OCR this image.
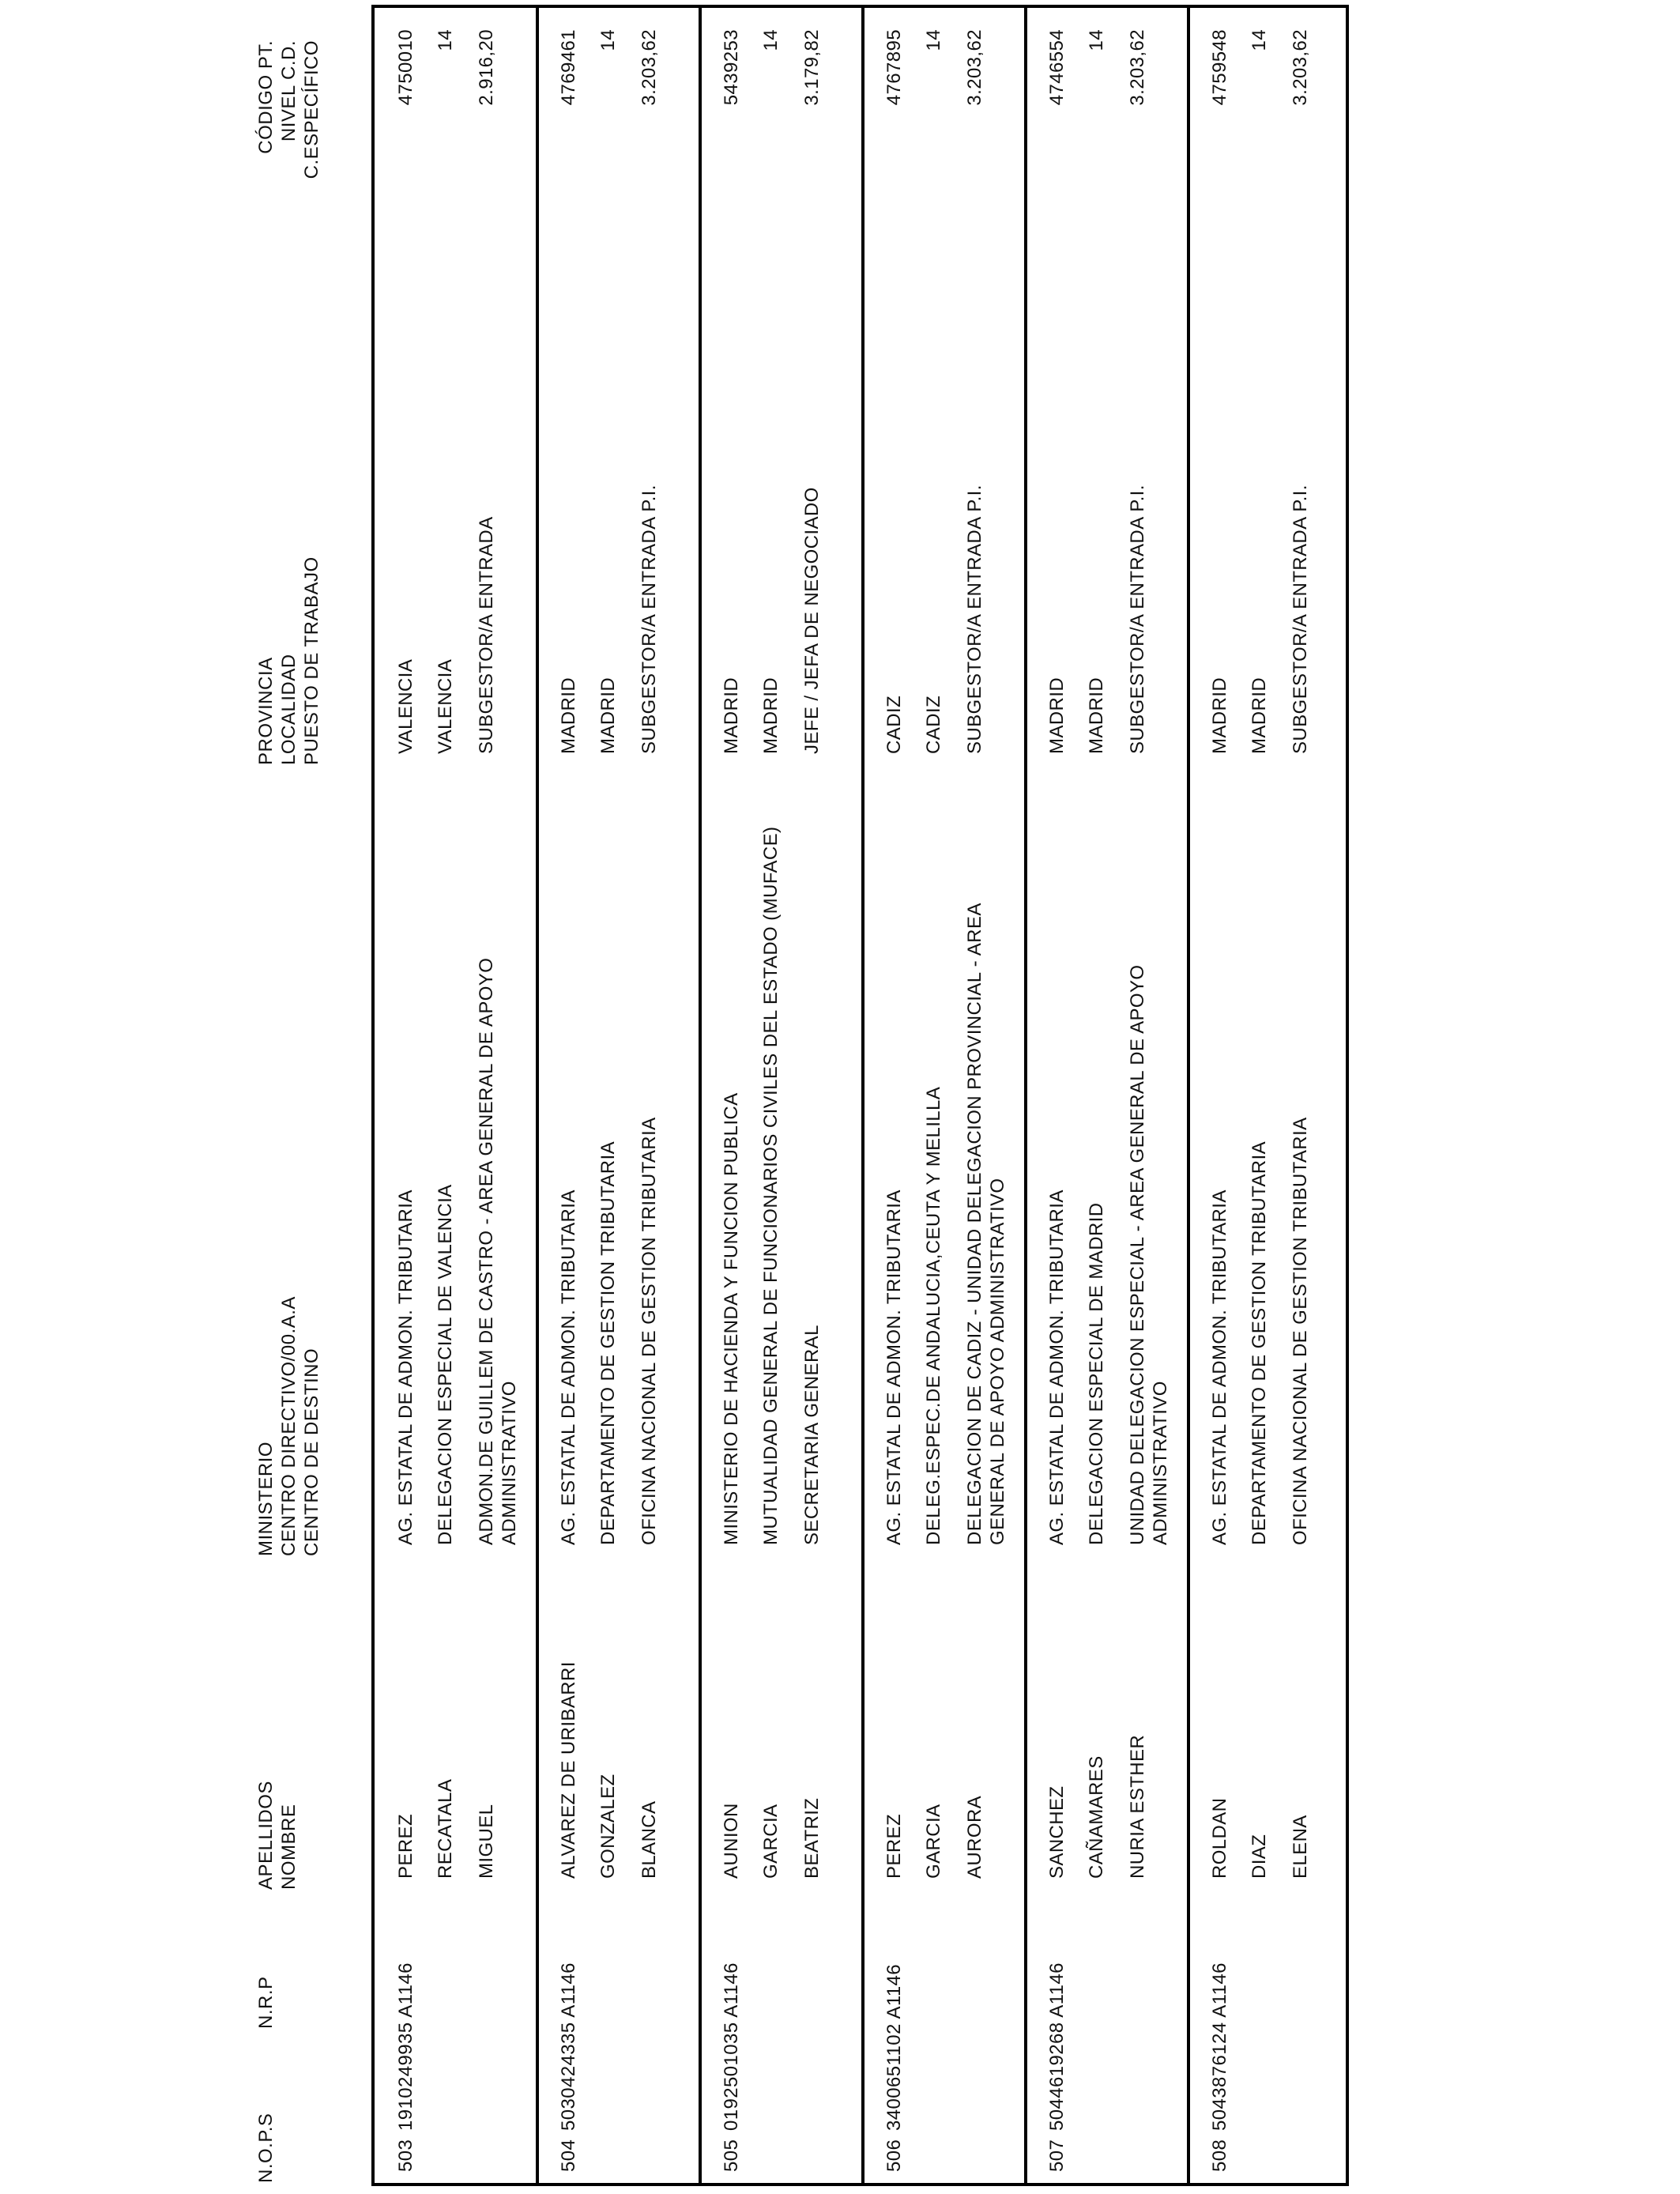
N.O.P.S
N.R.P
APELLIDOS NOMBRE
MINISTERIO CENTRO DIRECTIVO/00.A.A CENTRO DE DESTINO
PROVINCIA LOCALIDAD PUESTO DE TRABAJO
CÓDIGO PT. NIVEL C.D. C.ESPECÍFICO
503
1910249935 A1146
PEREZ RECATALA MIGUEL
AG. ESTATAL DE ADMON. TRIBUTARIA DELEGACION ESPECIAL DE VALENCIA ADMON.DE GUILLEM DE CASTRO - AREA GENERAL DE APOYO ADMINISTRATIVO
VALENCIA VALENCIA SUBGESTOR/A ENTRADA
4750010 14 2.916,20
504
5030424335 A1146
ALVAREZ DE URIBARRI GONZALEZ BLANCA
AG. ESTATAL DE ADMON. TRIBUTARIA DEPARTAMENTO DE GESTION TRIBUTARIA OFICINA NACIONAL DE GESTION TRIBUTARIA
MADRID MADRID SUBGESTOR/A ENTRADA P.I.
4769461 14 3.203,62
505
0192501035 A1146
AUNION GARCIA BEATRIZ
MINISTERIO DE HACIENDA Y FUNCION PUBLICA MUTUALIDAD GENERAL DE FUNCIONARIOS CIVILES DEL ESTADO (MUFACE) SECRETARIA GENERAL
MADRID MADRID JEFE / JEFA DE NEGOCIADO
5439253 14 3.179,82
506
3400651102 A1146
PEREZ GARCIA AURORA
AG. ESTATAL DE ADMON. TRIBUTARIA DELEG.ESPEC.DE ANDALUCIA,CEUTA Y MELILLA DELEGACION DE CADIZ - UNIDAD DELEGACION PROVINCIAL - AREA GENERAL DE APOYO ADMINISTRATIVO
CADIZ CADIZ SUBGESTOR/A ENTRADA P.I.
4767895 14 3.203,62
507
5044619268 A1146
SANCHEZ CAÑAMARES NURIA ESTHER
AG. ESTATAL DE ADMON. TRIBUTARIA DELEGACION ESPECIAL DE MADRID UNIDAD DELEGACION ESPECIAL - AREA GENERAL DE APOYO ADMINISTRATIVO
MADRID MADRID SUBGESTOR/A ENTRADA P.I.
4746554 14 3.203,62
508
5043876124 A1146
ROLDAN DIAZ ELENA
AG. ESTATAL DE ADMON. TRIBUTARIA DEPARTAMENTO DE GESTION TRIBUTARIA OFICINA NACIONAL DE GESTION TRIBUTARIA
MADRID MADRID SUBGESTOR/A ENTRADA P.I.
4759548 14 3.203,62
